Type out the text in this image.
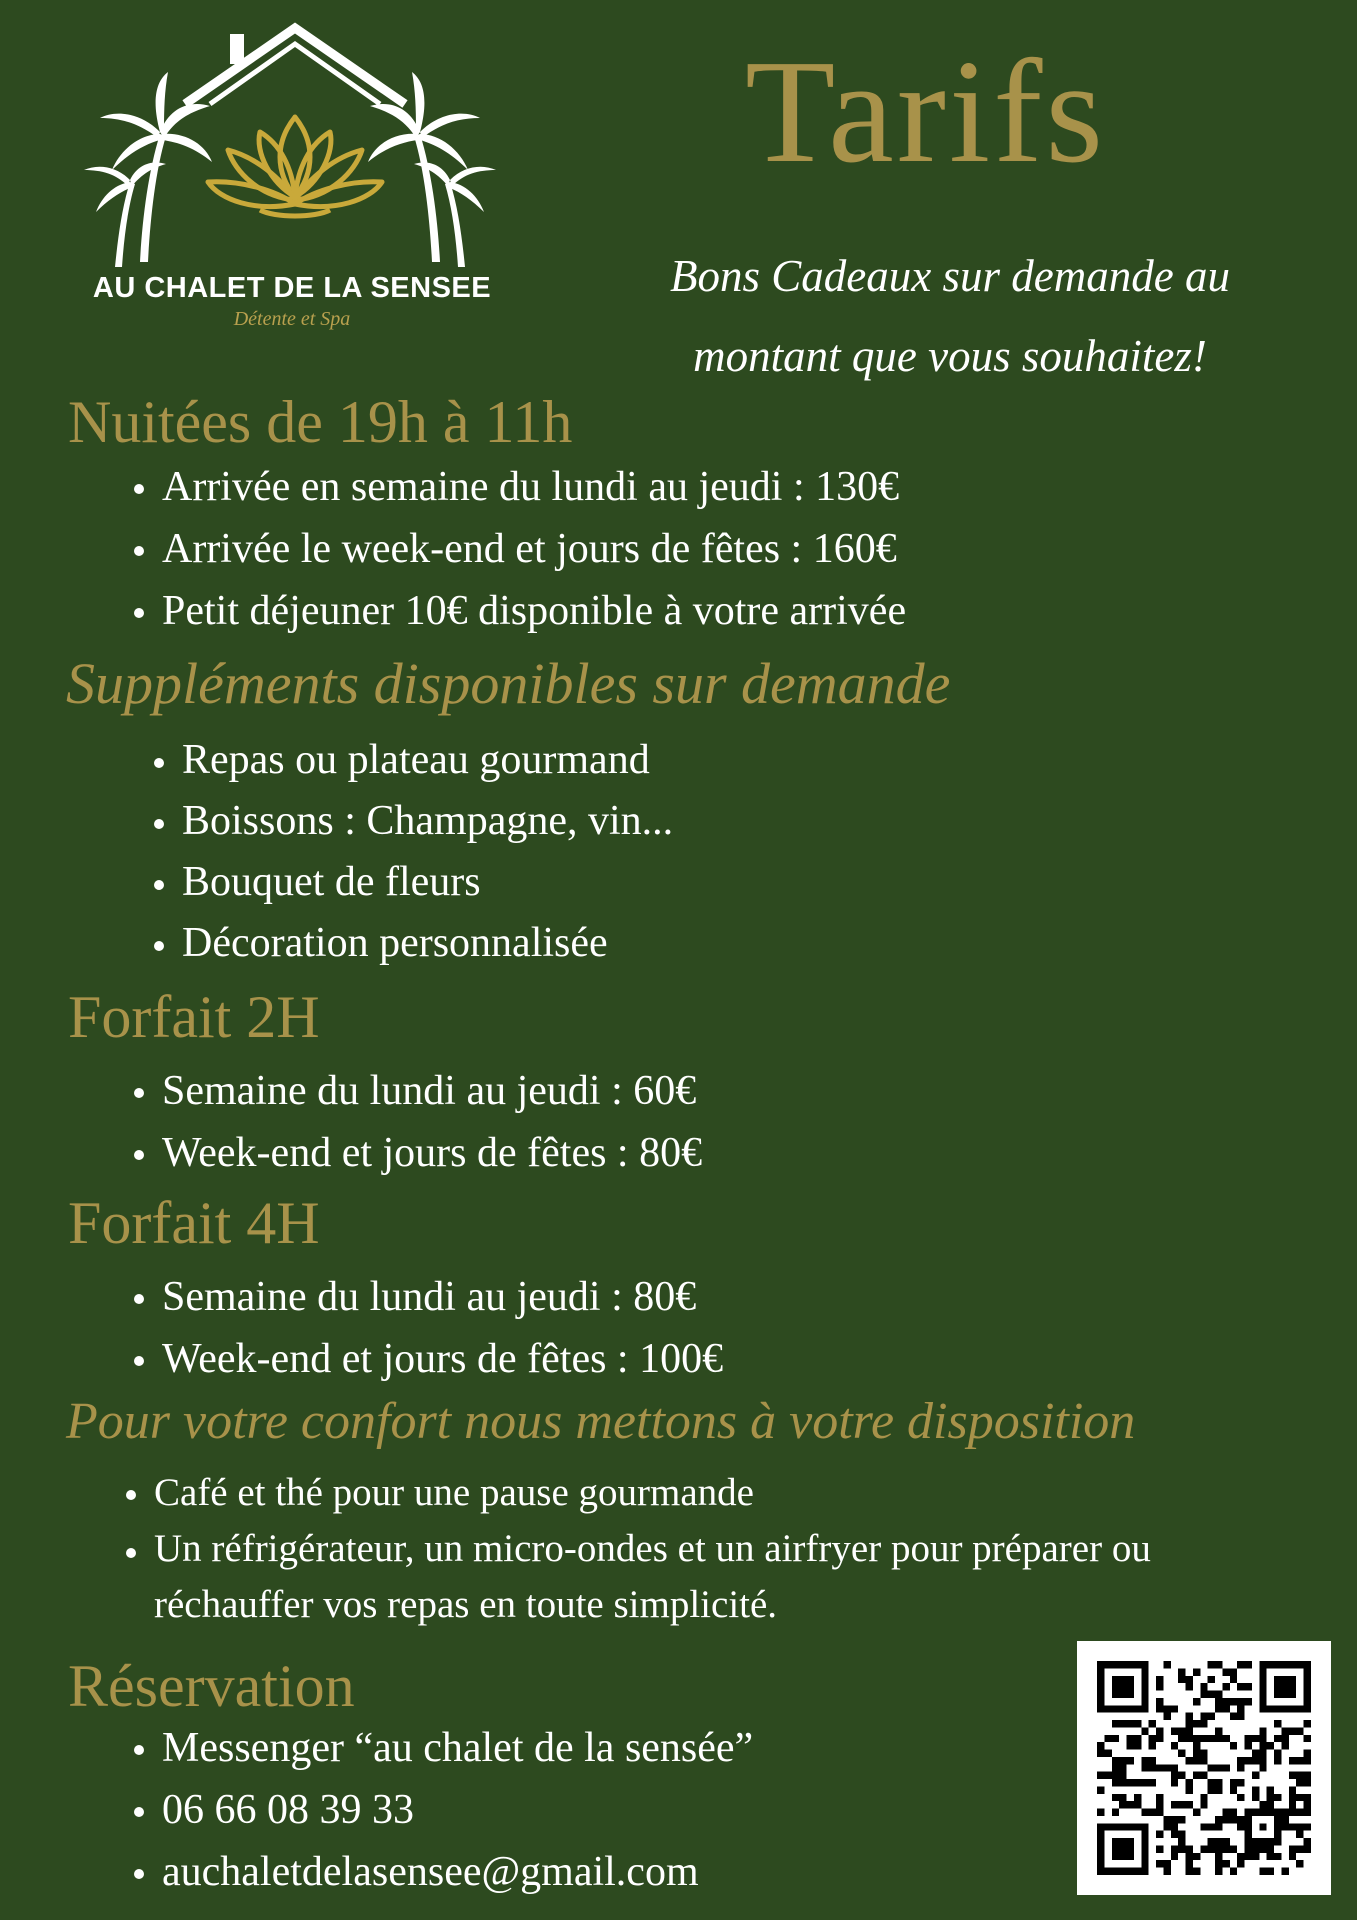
AU CHALET DE LA SENSEE
Détente et Spa
Tarifs
Bons Cadeaux sur demande au
montant que vous souhaitez!
Nuitées de 19h à 11h
Arrivée en semaine du lundi au jeudi : 130€
Arrivée le week-end et jours de fêtes : 160€
Petit déjeuner 10€ disponible à votre arrivée
Suppléments disponibles sur demande
Repas ou plateau gourmand
Boissons : Champagne, vin...
Bouquet de fleurs
Décoration personnalisée
Forfait 2H
Semaine du lundi au jeudi : 60€
Week-end et jours de fêtes : 80€
Forfait 4H
Semaine du lundi au jeudi : 80€
Week-end et jours de fêtes : 100€
Pour votre confort nous mettons à votre disposition
Café et thé pour une pause gourmande
Un réfrigérateur, un micro-ondes et un airfryer pour préparer ou réchauffer vos repas en toute simplicité.
Réservation
Messenger “au chalet de la sensée”
06 66 08 39 33
auchaletdelasensee@gmail.com
